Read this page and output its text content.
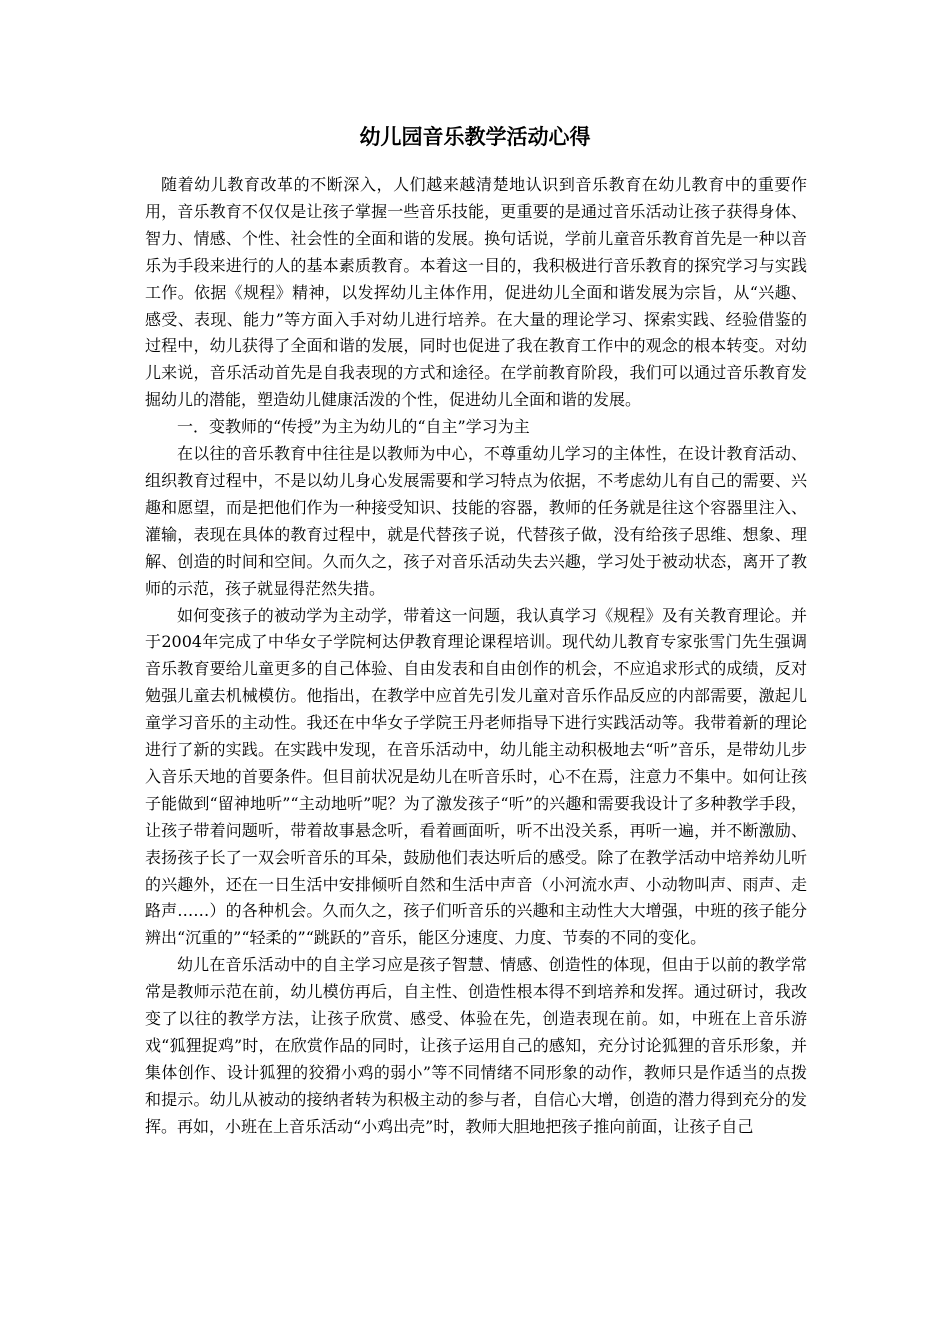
幼儿园音乐教学活动心得

随着幼儿教育改革的不断深入，人们越来越清楚地认识到音乐教育在幼儿教育中的重要作用，音乐教育不仅仅是让孩子掌握一些音乐技能，更重要的是通过音乐活动让孩子获得身体、智力、情感、个性、社会性的全面和谐的发展。换句话说，学前儿童音乐教育首先是一种以音乐为手段来进行的人的基本素质教育。本着这一目的，我积极进行音乐教育的探究学习与实践工作。依据《规程》精神，以发挥幼儿主体作用，促进幼儿全面和谐发展为宗旨，从“兴趣、感受、表现、能力”等方面入手对幼儿进行培养。在大量的理论学习、探索实践、经验借鉴的过程中，幼儿获得了全面和谐的发展，同时也促进了我在教育工作中的观念的根本转变。对幼儿来说，音乐活动首先是自我表现的方式和途径。在学前教育阶段，我们可以通过音乐教育发掘幼儿的潜能，塑造幼儿健康活泼的个性，促进幼儿全面和谐的发展。

一．变教师的“传授”为主为幼儿的“自主”学习为主

在以往的音乐教育中往往是以教师为中心，不尊重幼儿学习的主体性，在设计教育活动、组织教育过程中，不是以幼儿身心发展需要和学习特点为依据，不考虑幼儿有自己的需要、兴趣和愿望，而是把他们作为一种接受知识、技能的容器，教师的任务就是往这个容器里注入、灌输，表现在具体的教育过程中，就是代替孩子说，代替孩子做，没有给孩子思维、想象、理解、创造的时间和空间。久而久之，孩子对音乐活动失去兴趣，学习处于被动状态，离开了教师的示范，孩子就显得茫然失措。

如何变孩子的被动学为主动学，带着这一问题，我认真学习《规程》及有关教育理论。并于2004年完成了中华女子学院柯达伊教育理论课程培训。现代幼儿教育专家张雪门先生强调音乐教育要给儿童更多的自己体验、自由发表和自由创作的机会，不应追求形式的成绩，反对勉强儿童去机械模仿。他指出，在教学中应首先引发儿童对音乐作品反应的内部需要，激起儿童学习音乐的主动性。我还在中华女子学院王丹老师指导下进行实践活动等。我带着新的理论进行了新的实践。在实践中发现，在音乐活动中，幼儿能主动积极地去“听”音乐，是带幼儿步入音乐天地的首要条件。但目前状况是幼儿在听音乐时，心不在焉，注意力不集中。如何让孩子能做到“留神地听”“主动地听”呢？为了激发孩子“听”的兴趣和需要我设计了多种教学手段，让孩子带着问题听，带着故事悬念听，看着画面听，听不出没关系，再听一遍，并不断激励、表扬孩子长了一双会听音乐的耳朵，鼓励他们表达听后的感受。除了在教学活动中培养幼儿听的兴趣外，还在一日生活中安排倾听自然和生活中声音（小河流水声、小动物叫声、雨声、走路声……）的各种机会。久而久之，孩子们听音乐的兴趣和主动性大大增强，中班的孩子能分辨出“沉重的”“轻柔的”“跳跃的”音乐，能区分速度、力度、节奏的不同的变化。

幼儿在音乐活动中的自主学习应是孩子智慧、情感、创造性的体现，但由于以前的教学常常是教师示范在前，幼儿模仿再后，自主性、创造性根本得不到培养和发挥。通过研讨，我改变了以往的教学方法，让孩子欣赏、感受、体验在先，创造表现在前。如，中班在上音乐游戏“狐狸捉鸡”时，在欣赏作品的同时，让孩子运用自己的感知，充分讨论狐狸的音乐形象，并集体创作、设计狐狸的狡猾小鸡的弱小”等不同情绪不同形象的动作，教师只是作适当的点拨和提示。幼儿从被动的接纳者转为积极主动的参与者，自信心大增，创造的潜力得到充分的发挥。再如，小班在上音乐活动“小鸡出壳”时，教师大胆地把孩子推向前面，让孩子自己
